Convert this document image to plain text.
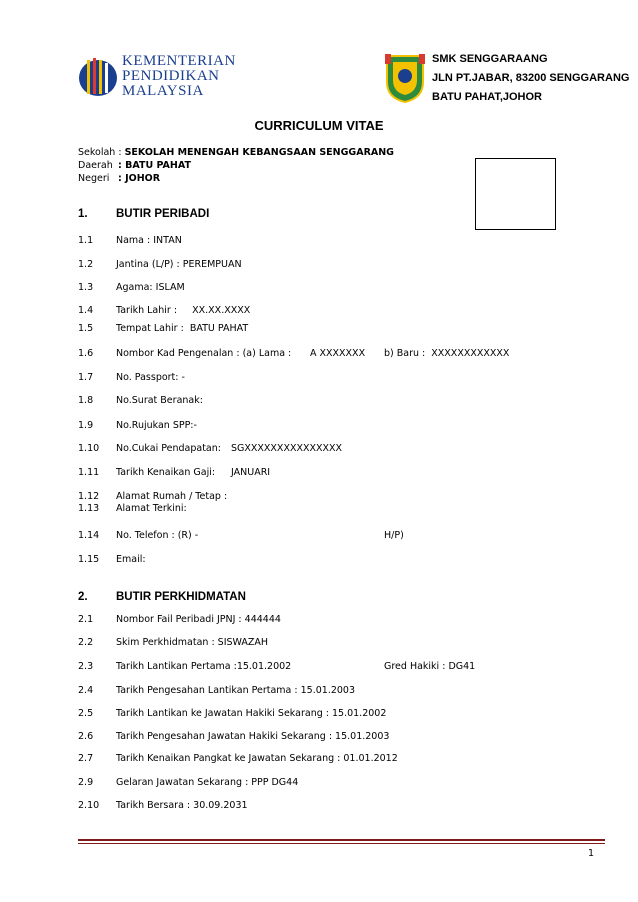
KEMENTERIAN
PENDIDIKAN
MALAYSIA
SMK SENGGARAANG
JLN PT.JABAR, 83200 SENGGARANG
BATU PAHAT,JOHOR
CURRICULUM VITAE
Sekolah : SEKOLAH MENENGAH KEBANGSAAN SENGGARANG
Daerah : BATU PAHAT
Negeri : JOHOR
1. BUTIR PERIBADI
1.1 Nama : INTAN
1.2 Jantina (L/P) : PEREMPUAN
1.3 Agama: ISLAM
1.4 Tarikh Lahir :     XX.XX.XXXX
1.5 Tempat Lahir :  BATU PAHAT
1.6 Nombor Kad Pengenalan : (a) Lama : A XXXXXXX b) Baru :  XXXXXXXXXXXX
1.7 No. Passport: -
1.8 No.Surat Beranak:
1.9 No.Rujukan SPP:-
1.10 No.Cukai Pendapatan: SGXXXXXXXXXXXXXXX
1.11 Tarikh Kenaikan Gaji: JANUARI
1.12 Alamat Rumah / Tetap :
1.13 Alamat Terkini:
1.14 No. Telefon : (R) -	H/P)
1.15 Email:
2. BUTIR PERKHIDMATAN
2.1 Nombor Fail Peribadi JPNJ : 444444
2.2 Skim Perkhidmatan : SISWAZAH
2.3 Tarikh Lantikan Pertama :15.01.2002	Gred Hakiki : DG41
2.4 Tarikh Pengesahan Lantikan Pertama : 15.01.2003
2.5 Tarikh Lantikan ke Jawatan Hakiki Sekarang : 15.01.2002
2.6 Tarikh Pengesahan Jawatan Hakiki Sekarang : 15.01.2003
2.7 Tarikh Kenaikan Pangkat ke Jawatan Sekarang : 01.01.2012
2.9 Gelaran Jawatan Sekarang : PPP DG44
2.10 Tarikh Bersara : 30.09.2031
1
